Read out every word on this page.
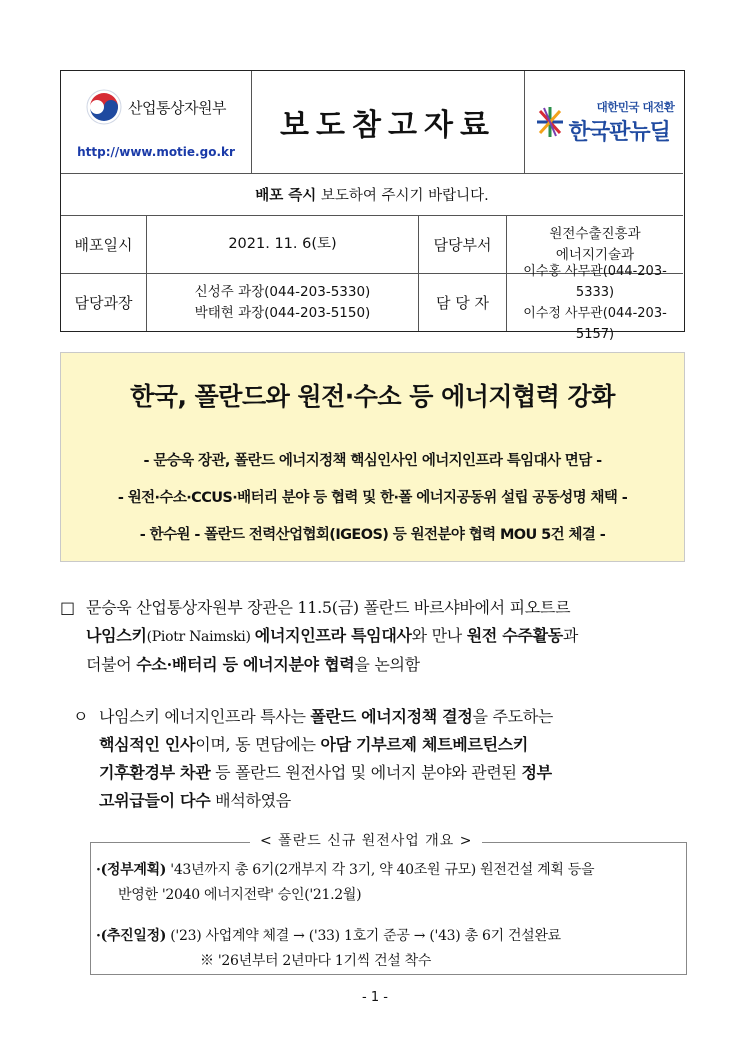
산업통상자원부
http://www.motie.go.kr
보도참고자료
대한민국 대전환
한국판뉴딜
배포 즉시 보도하여 주시기 바랍니다.
배포일시	2021. 11. 6(토)	담당부서
원전수출진흥과
에너지기술과
담당과장
신성주 과장(044-203-5330)
박태현 과장(044-203-5150)
담 당 자
이수홍 사무관(044-203-5333)
이수정 사무관(044-203-5157)
한국, 폴란드와 원전·수소 등 에너지협력 강화
- 문승욱 장관, 폴란드 에너지정책 핵심인사인 에너지인프라 특임대사 면담 -
- 원전·수소·CCUS·배터리 분야 등 협력 및 한·폴 에너지공동위 설립 공동성명 채택 -
- 한수원 - 폴란드 전력산업협회(IGEOS) 등 원전분야 협력 MOU 5건 체결 -
□ 문승욱 산업통상자원부 장관은 11.5(금) 폴란드 바르샤바에서 피오트르
나임스키(Piotr Naimski) 에너지인프라 특임대사와 만나 원전 수주활동과
더불어 수소·배터리 등 에너지분야 협력을 논의함
ㅇ 나임스키 에너지인프라 특사는 폴란드 에너지정책 결정을 주도하는
핵심적인 인사이며, 동 면담에는 아담 기부르제 체트베르틴스키
기후환경부 차관 등 폴란드 원전사업 및 에너지 분야와 관련된 정부
고위급들이 다수 배석하였음
< 폴란드 신규 원전사업 개요 >
·(정부계획) '43년까지 총 6기(2개부지 각 3기, 약 40조원 규모) 원전건설 계획 등을
반영한 '2040 에너지전략' 승인('21.2월)
·(추진일정) ('23) 사업계약 체결 → ('33) 1호기 준공 → ('43) 총 6기 건설완료
※ '26년부터 2년마다 1기씩 건설 착수
- 1 -
